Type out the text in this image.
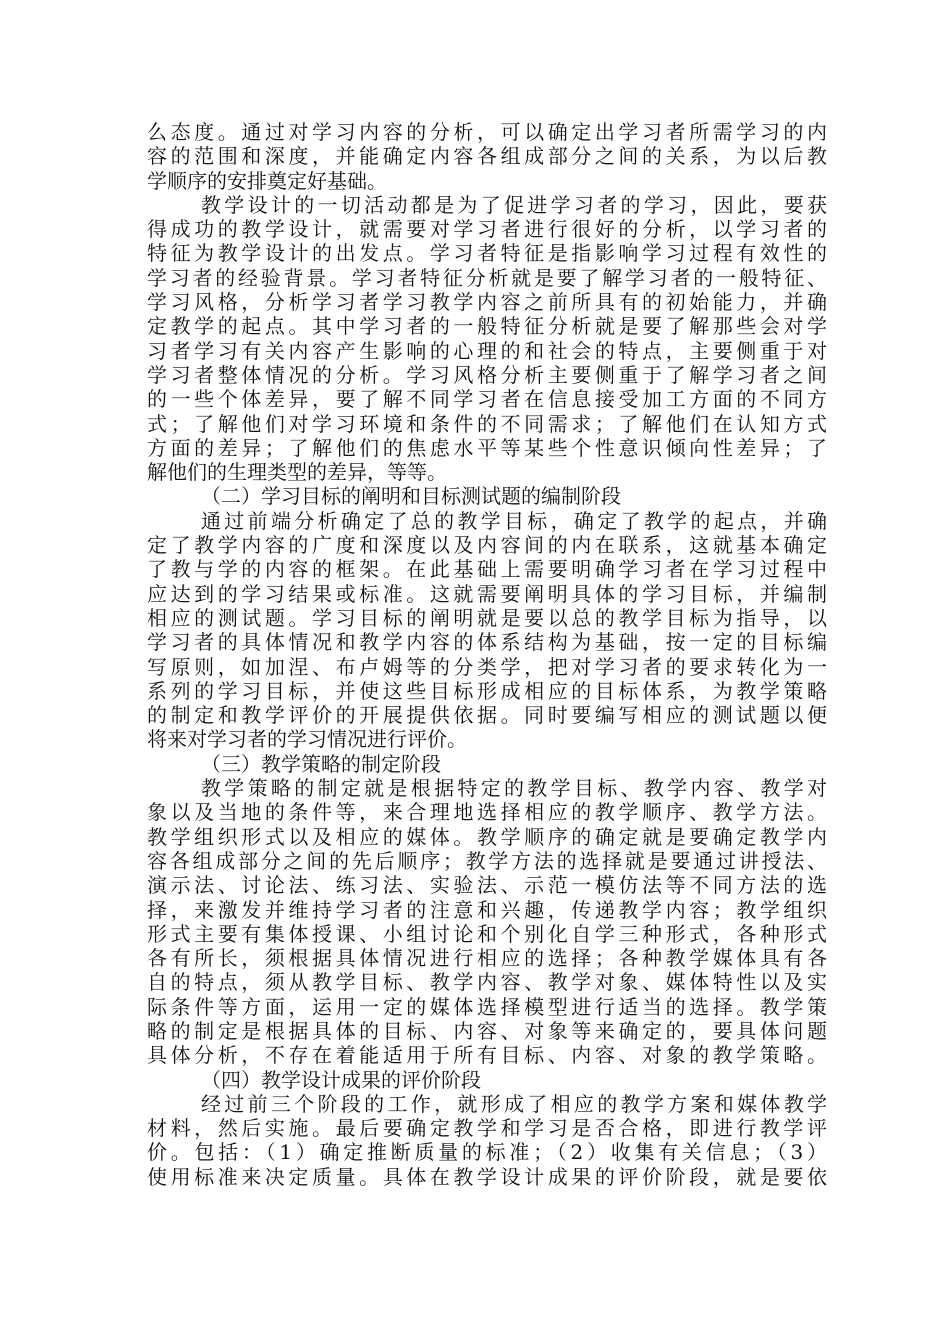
么态度。通过对学习内容的分析，可以确定出学习者所需学习的内
容的范围和深度，并能确定内容各组成部分之间的关系，为以后教
学顺序的安排奠定好基础。
教学设计的一切活动都是为了促进学习者的学习，因此，要获
得成功的教学设计，就需要对学习者进行很好的分析，以学习者的
特征为教学设计的出发点。学习者特征是指影响学习过程有效性的
学习者的经验背景。学习者特征分析就是要了解学习者的一般特征、
学习风格，分析学习者学习教学内容之前所具有的初始能力，并确
定教学的起点。其中学习者的一般特征分析就是要了解那些会对学
习者学习有关内容产生影响的心理的和社会的特点，主要侧重于对
学习者整体情况的分析。学习风格分析主要侧重于了解学习者之间
的一些个体差异，要了解不同学习者在信息接受加工方面的不同方
式；了解他们对学习环境和条件的不同需求；了解他们在认知方式
方面的差异；了解他们的焦虑水平等某些个性意识倾向性差异；了
解他们的生理类型的差异，等等。
（二）学习目标的阐明和目标测试题的编制阶段
通过前端分析确定了总的教学目标，确定了教学的起点，并确
定了教学内容的广度和深度以及内容间的内在联系，这就基本确定
了教与学的内容的框架。在此基础上需要明确学习者在学习过程中
应达到的学习结果或标准。这就需要阐明具体的学习目标，并编制
相应的测试题。学习目标的阐明就是要以总的教学目标为指导，以
学习者的具体情况和教学内容的体系结构为基础，按一定的目标编
写原则，如加涅、布卢姆等的分类学，把对学习者的要求转化为一
系列的学习目标，并使这些目标形成相应的目标体系，为教学策略
的制定和教学评价的开展提供依据。同时要编写相应的测试题以便
将来对学习者的学习情况进行评价。
（三）教学策略的制定阶段
教学策略的制定就是根据特定的教学目标、教学内容、教学对
象以及当地的条件等，来合理地选择相应的教学顺序、教学方法。
教学组织形式以及相应的媒体。教学顺序的确定就是要确定教学内
容各组成部分之间的先后顺序；教学方法的选择就是要通过讲授法、
演示法、讨论法、练习法、实验法、示范一模仿法等不同方法的选
择，来激发并维持学习者的注意和兴趣，传递教学内容；教学组织
形式主要有集体授课、小组讨论和个别化自学三种形式，各种形式
各有所长，须根据具体情况进行相应的选择；各种教学媒体具有各
自的特点，须从教学目标、教学内容、教学对象、媒体特性以及实
际条件等方面，运用一定的媒体选择模型进行适当的选择。教学策
略的制定是根据具体的目标、内容、对象等来确定的，要具体问题
具体分析，不存在着能适用于所有目标、内容、对象的教学策略。
（四）教学设计成果的评价阶段
经过前三个阶段的工作，就形成了相应的教学方案和媒体教学
材料，然后实施。最后要确定教学和学习是否合格，即进行教学评
价。包括：（1）确定推断质量的标准；（2）收集有关信息；（3）
使用标准来决定质量。具体在教学设计成果的评价阶段，就是要依
